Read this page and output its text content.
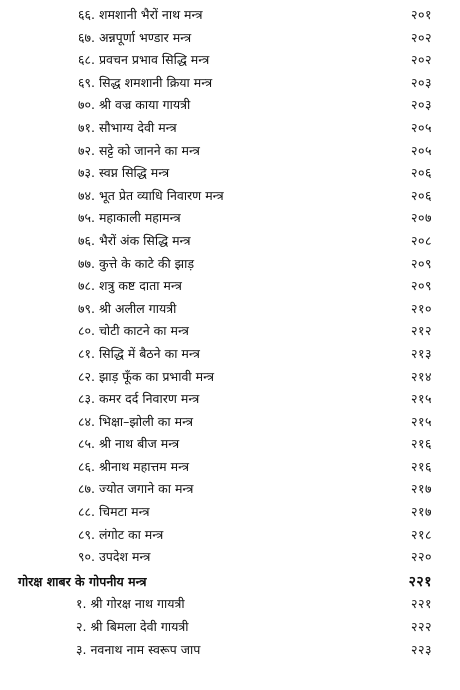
६६. शमशानी भैरों नाथ मन्त्र	२०१
६७. अन्नपूर्णा भण्डार मन्त्र	२०२
६८. प्रवचन प्रभाव सिद्धि मन्त्र	२०२
६९. सिद्ध शमशानी क्रिया मन्त्र	२०३
७०. श्री वज्र काया गायत्री	२०३
७१. सौभाग्य देवी मन्त्र	२०५
७२. सट्टे को जानने का मन्त्र	२०५
७३. स्वप्न सिद्धि मन्त्र	२०६
७४. भूत प्रेत व्याधि निवारण मन्त्र	२०६
७५. महाकाली महामन्त्र	२०७
७६. भैरों अंक सिद्धि मन्त्र	२०८
७७. कुत्ते के काटे की झाड़	२०९
७८. शत्रु कष्ट दाता मन्त्र	२०९
७९. श्री अलील गायत्री	२१०
८०. चोटी काटने का मन्त्र	२१२
८१. सिद्धि में बैठने का मन्त्र	२१३
८२. झाड़ फूँक का प्रभावी मन्त्र	२१४
८३. कमर दर्द निवारण मन्त्र	२१५
८४. भिक्षा–झोली का मन्त्र	२१५
८५. श्री नाथ बीज मन्त्र	२१६
८६. श्रीनाथ महात्तम मन्त्र	२१६
८७. ज्योत जगाने का मन्त्र	२१७
८८. चिमटा मन्त्र	२१७
८९. लंगोट का मन्त्र	२१८
९०. उपदेश मन्त्र	२२०
गोरक्ष शाबर के गोपनीय मन्त्र	२२१
१. श्री गोरक्ष नाथ गायत्री	२२१
२. श्री बिमला देवी गायत्री	२२२
३. नवनाथ नाम स्वरूप जाप	२२३
